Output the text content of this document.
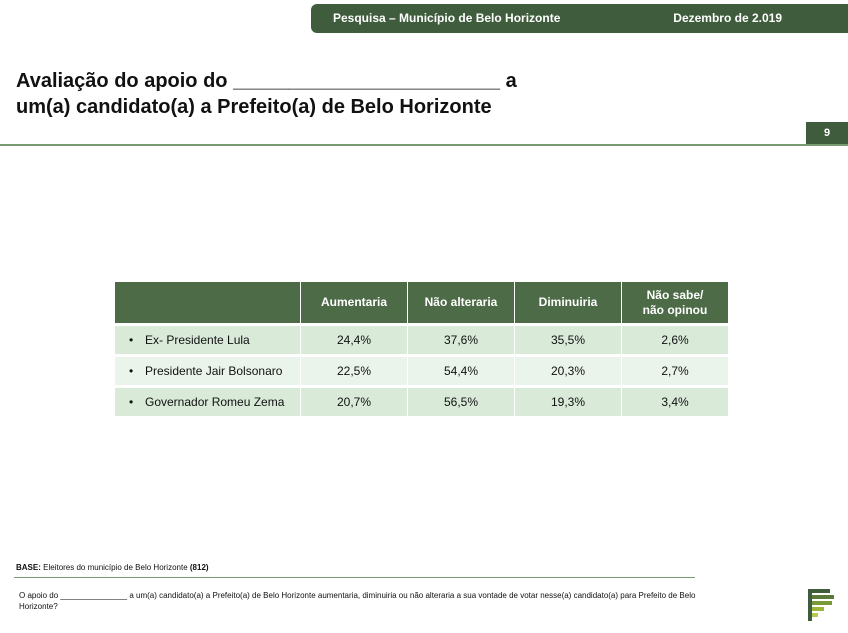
Pesquisa – Município de Belo Horizonte	Dezembro de 2.019
Avaliação do apoio do ________________________ a
um(a) candidato(a) a Prefeito(a) de Belo Horizonte
9
	Aumentaria	Não alteraria	Diminuiria	Não sabe/
não opinou
• Ex- Presidente Lula	24,4%	37,6%	35,5%	2,6%
• Presidente Jair Bolsonaro	22,5%	54,4%	20,3%	2,7%
• Governador Romeu Zema	20,7%	56,5%	19,3%	3,4%
BASE: Eleitores do município de Belo Horizonte (812)
O apoio do _______________ a um(a) candidato(a) a Prefeito(a) de Belo Horizonte aumentaria, diminuiria ou não alteraria a sua vontade de votar nesse(a) candidato(a) para Prefeito de Belo Horizonte?
